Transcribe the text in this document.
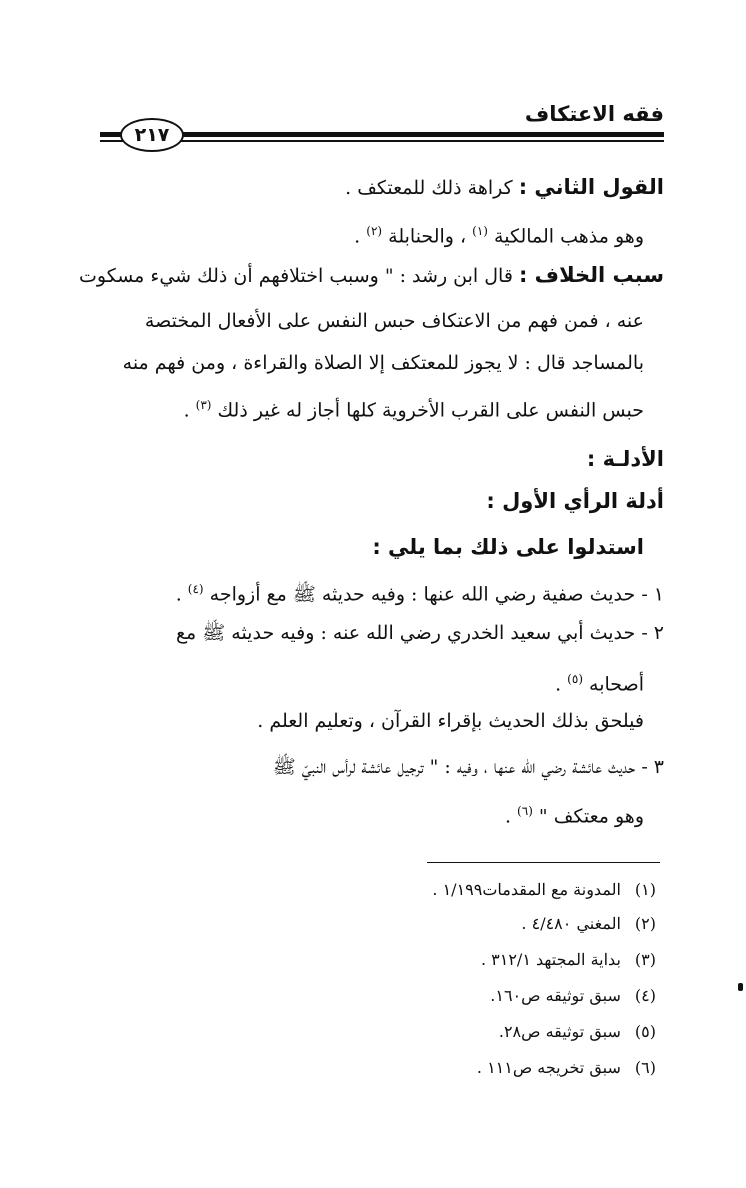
فقه الاعتكاف
٢١٧
القول الثاني : كراهة ذلك للمعتكف .
وهو مذهب المالكية $^{(١)}$ ، والحنابلة $^{(٢)}$ .
سبب الخلاف : قال ابن رشد : " وسبب اختلافهم أن ذلك شيء مسكوت
عنه ، فمن فهم من الاعتكاف حبس النفس على الأفعال المختصة
بالمساجد قال : لا يجوز للمعتكف إلا الصلاة والقراءة ، ومن فهم منه
حبس النفس على القرب الأخروية كلها أجاز له غير ذلك $^{(٣)}$ .
الأدلـة :
أدلة الرأي الأول :
استدلوا على ذلك بما يلي :
١ - حديث صفية رضي الله عنها : وفيه حديثه ﷺ مع أزواجه $^{(٤)}$ .
٢ - حديث أبي سعيد الخدري رضي الله عنه : وفيه حديثه ﷺ مع
أصحابه $^{(٥)}$ .
فيلحق بذلك الحديث بإقراء القرآن ، وتعليم العلم .
٣ - حديث عائشة رضي الله عنها ، وفيه : " ترجيل عائشة لرأس النبيّ ﷺ
وهو معتكف " $^{(٦)}$ .
(١)المدونة مع المقدمات١/١٩٩ .
(٢)المغني ٤/٤٨٠ .
(٣)بداية المجتهد ٣١٢/١ .
(٤)سبق توثيقه ص١٦٠.
(٥)سبق توثيقه ص٢٨.
(٦)سبق تخريجه ص١١١ .
